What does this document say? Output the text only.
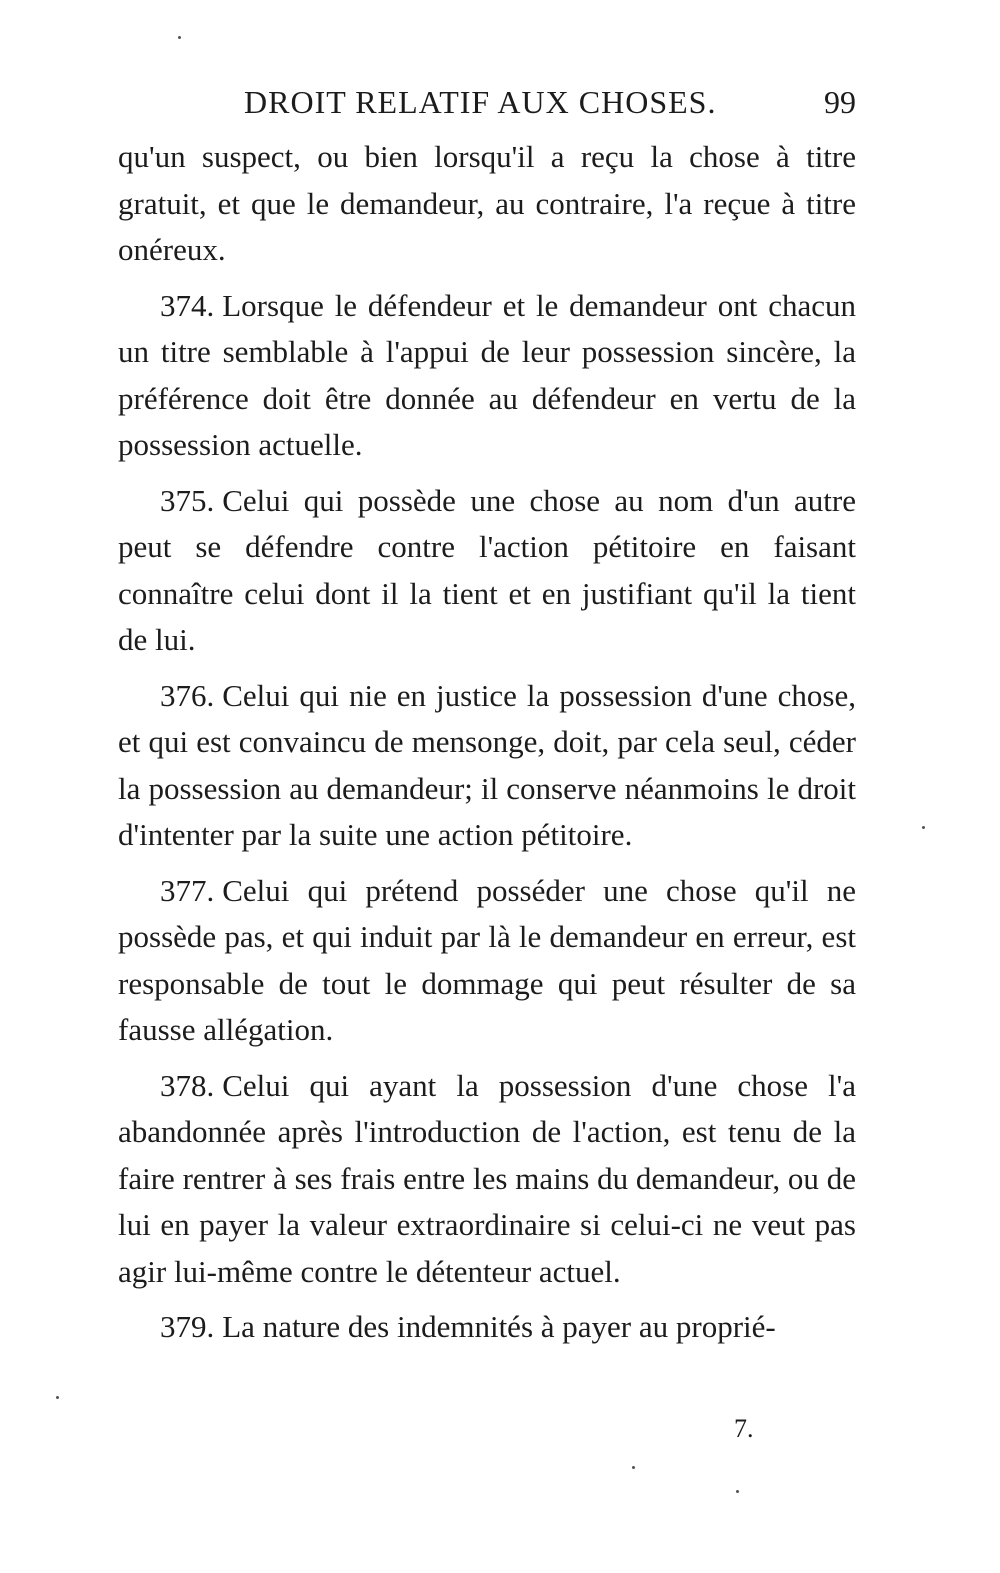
DROIT RELATIF AUX CHOSES.	99

qu'un suspect, ou bien lorsqu'il a reçu la chose à titre gratuit, et que le demandeur, au contraire, l'a reçue à titre onéreux.

374. Lorsque le défendeur et le demandeur ont chacun un titre semblable à l'appui de leur possession sincère, la préférence doit être donnée au défendeur en vertu de la possession actuelle.

375. Celui qui possède une chose au nom d'un autre peut se défendre contre l'action pétitoire en faisant connaître celui dont il la tient et en justifiant qu'il la tient de lui.

376. Celui qui nie en justice la possession d'une chose, et qui est convaincu de mensonge, doit, par cela seul, céder la possession au demandeur; il conserve néanmoins le droit d'intenter par la suite une action pétitoire.

377. Celui qui prétend posséder une chose qu'il ne possède pas, et qui induit par là le demandeur en erreur, est responsable de tout le dommage qui peut résulter de sa fausse allégation.

378. Celui qui ayant la possession d'une chose l'a abandonnée après l'introduction de l'action, est tenu de la faire rentrer à ses frais entre les mains du demandeur, ou de lui en payer la valeur extraordinaire si celui-ci ne veut pas agir lui-même contre le détenteur actuel.

379. La nature des indemnités à payer au proprié-

7.
